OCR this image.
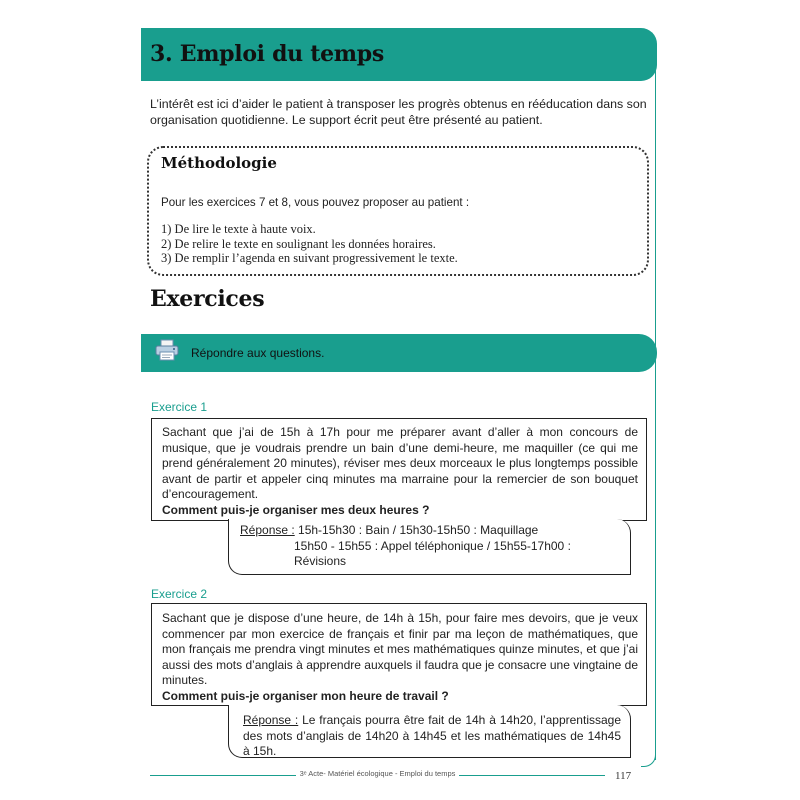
3. Emploi du temps
L’intérêt est ici d’aider le patient à transposer les progrès obtenus en rééducation dans son organisation quotidienne. Le support écrit peut être présenté au patient.
Méthodologie
Pour les exercices 7 et 8, vous pouvez proposer au patient :
1) De lire le texte à haute voix.
2) De relire le texte en soulignant les données horaires.
3) De remplir l’agenda en suivant progressivement le texte.
Exercices
Répondre aux questions.
Exercice 1
Sachant que j’ai de 15h à 17h pour me préparer avant d’aller à mon concours de musique, que je voudrais prendre un bain d’une demi-heure, me maquiller (ce qui me prend généralement 20 minutes), réviser mes deux morceaux le plus longtemps possible avant de partir et appeler cinq minutes ma marraine pour la remercier de son bouquet d’encouragement.
Comment puis-je organiser mes deux heures ?
Réponse : 15h-15h30 : Bain / 15h30-15h50 : Maquillage
15h50 - 15h55 : Appel téléphonique / 15h55-17h00 : Révisions
Exercice 2
Sachant que je dispose d’une heure, de 14h à 15h, pour faire mes devoirs, que je veux commencer par mon exercice de français et finir par ma leçon de mathématiques, que mon français me prendra vingt minutes et mes mathématiques quinze minutes, et que j’ai aussi des mots d’anglais à apprendre auxquels il faudra que je consacre une vingtaine de minutes.
Comment puis-je organiser mon heure de travail ?
Réponse : Le français pourra être fait de 14h à 14h20, l’apprentissage des mots d’anglais de 14h20 à 14h45 et les mathématiques de 14h45 à 15h.
3ᵉ Acte- Matériel écologique - Emploi du temps	117
